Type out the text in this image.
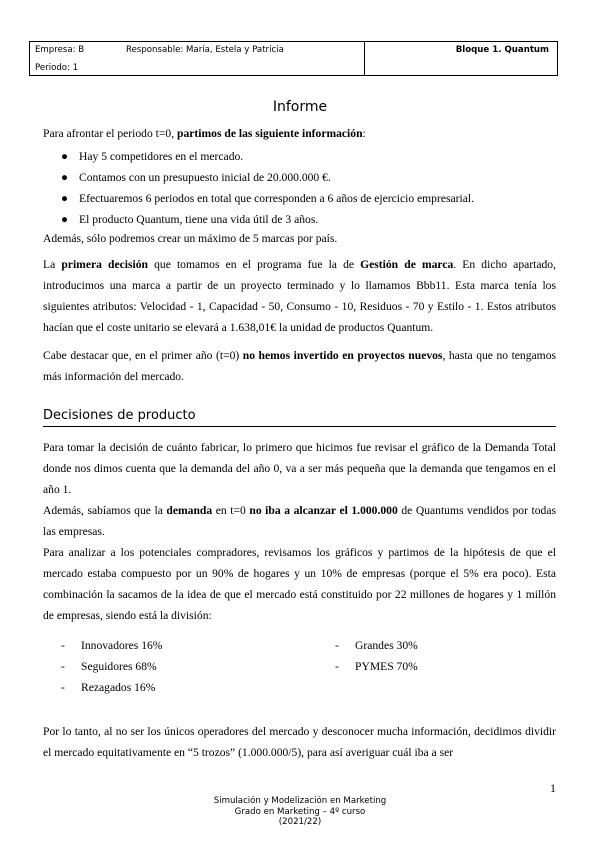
Empresa: B	Responsable: María, Estela y Patricia
Periodo: 1
Bloque 1. Quantum
Informe

Para afrontar el periodo t=0, partimos de las siguiente información:

● Hay 5 competidores en el mercado.
● Contamos con un presupuesto inicial de 20.000.000 €.
● Efectuaremos 6 periodos en total que corresponden a 6 años de ejercicio empresarial.
● El producto Quantum, tiene una vida útil de 3 años.

Además, sólo podremos crear un máximo de 5 marcas por país.

La primera decisión que tomamos en el programa fue la de Gestión de marca. En dicho apartado, introducimos una marca a partir de un proyecto terminado y lo llamamos Bbb11. Esta marca tenía los siguientes atributos: Velocidad - 1, Capacidad - 50, Consumo - 10, Residuos - 70 y Estilo - 1. Estos atributos hacían que el coste unitario se elevará a 1.638,01€ la unidad de productos Quantum.

Cabe destacar que, en el primer año (t=0) no hemos invertido en proyectos nuevos, hasta que no tengamos más información del mercado.

Decisiones de producto

Para tomar la decisión de cuánto fabricar, lo primero que hicimos fue revisar el gráfico de la Demanda Total donde nos dimos cuenta que la demanda del año 0, va a ser más pequeña que la demanda que tengamos en el año 1.

Además, sabíamos que la demanda en t=0 no iba a alcanzar el 1.000.000 de Quantums vendidos por todas las empresas.

Para analizar a los potenciales compradores, revisamos los gráficos y partimos de la hipótesis de que el mercado estaba compuesto por un 90% de hogares y un 10% de empresas (porque el 5% era poco). Esta combinación la sacamos de la idea de que el mercado está constituido por 22 millones de hogares y 1 millón de empresas, siendo está la división:

- Innovadores 16%
- Seguidores 68%
- Rezagados 16%
- Grandes 30%
- PYMES 70%

Por lo tanto, al no ser los únicos operadores del mercado y desconocer mucha información, decidimos dividir el mercado equitativamente en “5 trozos” (1.000.000/5), para así averiguar cuál iba a ser

1
Simulación y Modelización en Marketing
Grado en Marketing – 4º curso
(2021/22)
